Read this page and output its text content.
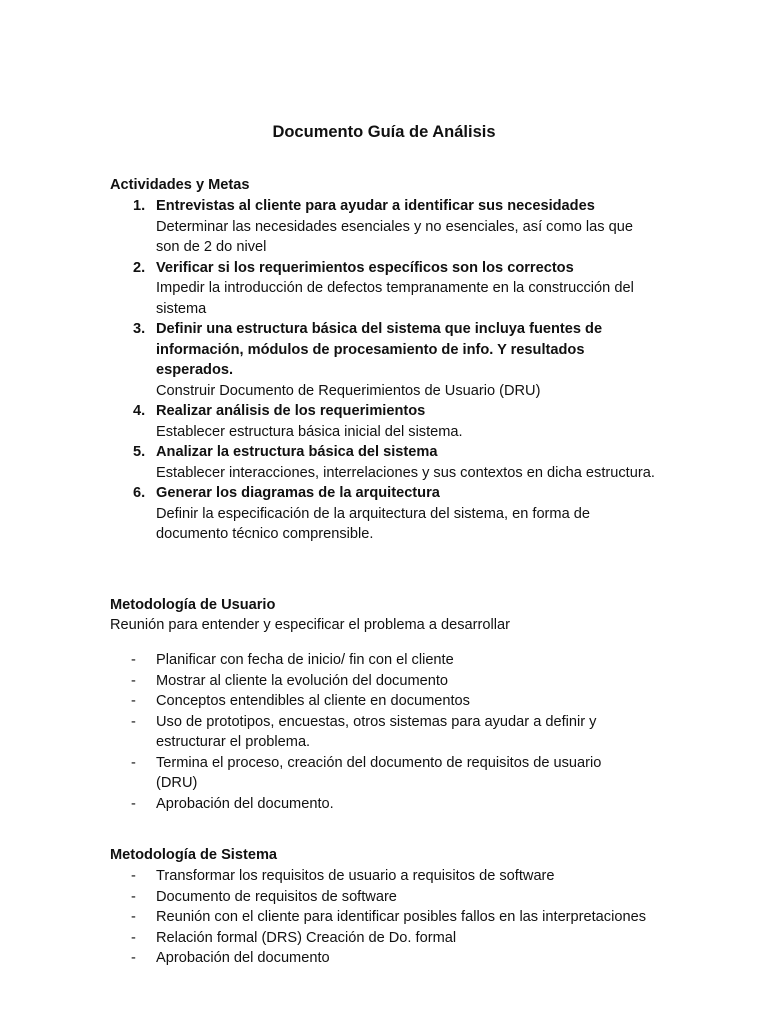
Documento Guía de Análisis
Actividades y Metas
1. Entrevistas al cliente para ayudar a identificar sus necesidades
Determinar las necesidades esenciales y no esenciales, así como las que son de 2 do nivel
2. Verificar si los requerimientos específicos son los correctos
Impedir la introducción de defectos tempranamente en la construcción del sistema
3. Definir una estructura básica del sistema que incluya fuentes de información, módulos de procesamiento de info. Y resultados esperados.
Construir Documento de Requerimientos de Usuario (DRU)
4. Realizar análisis de los requerimientos
Establecer estructura básica inicial del sistema.
5. Analizar la estructura básica del sistema
Establecer interacciones, interrelaciones y sus contextos en dicha estructura.
6. Generar los diagramas de la arquitectura
Definir la especificación de la arquitectura del sistema, en forma de documento técnico comprensible.
Metodología de Usuario
Reunión para entender y especificar el problema a desarrollar
- Planificar con fecha de inicio/ fin con el cliente
- Mostrar al cliente la evolución del documento
- Conceptos entendibles al cliente en documentos
- Uso de prototipos, encuestas, otros sistemas para ayudar a definir y estructurar el problema.
- Termina el proceso, creación del documento de requisitos de usuario (DRU)
- Aprobación del documento.
Metodología de Sistema
- Transformar los requisitos de usuario a requisitos de software
- Documento de requisitos de software
- Reunión con el cliente para identificar posibles fallos en las interpretaciones
- Relación formal (DRS) Creación de Do. formal
- Aprobación del documento
